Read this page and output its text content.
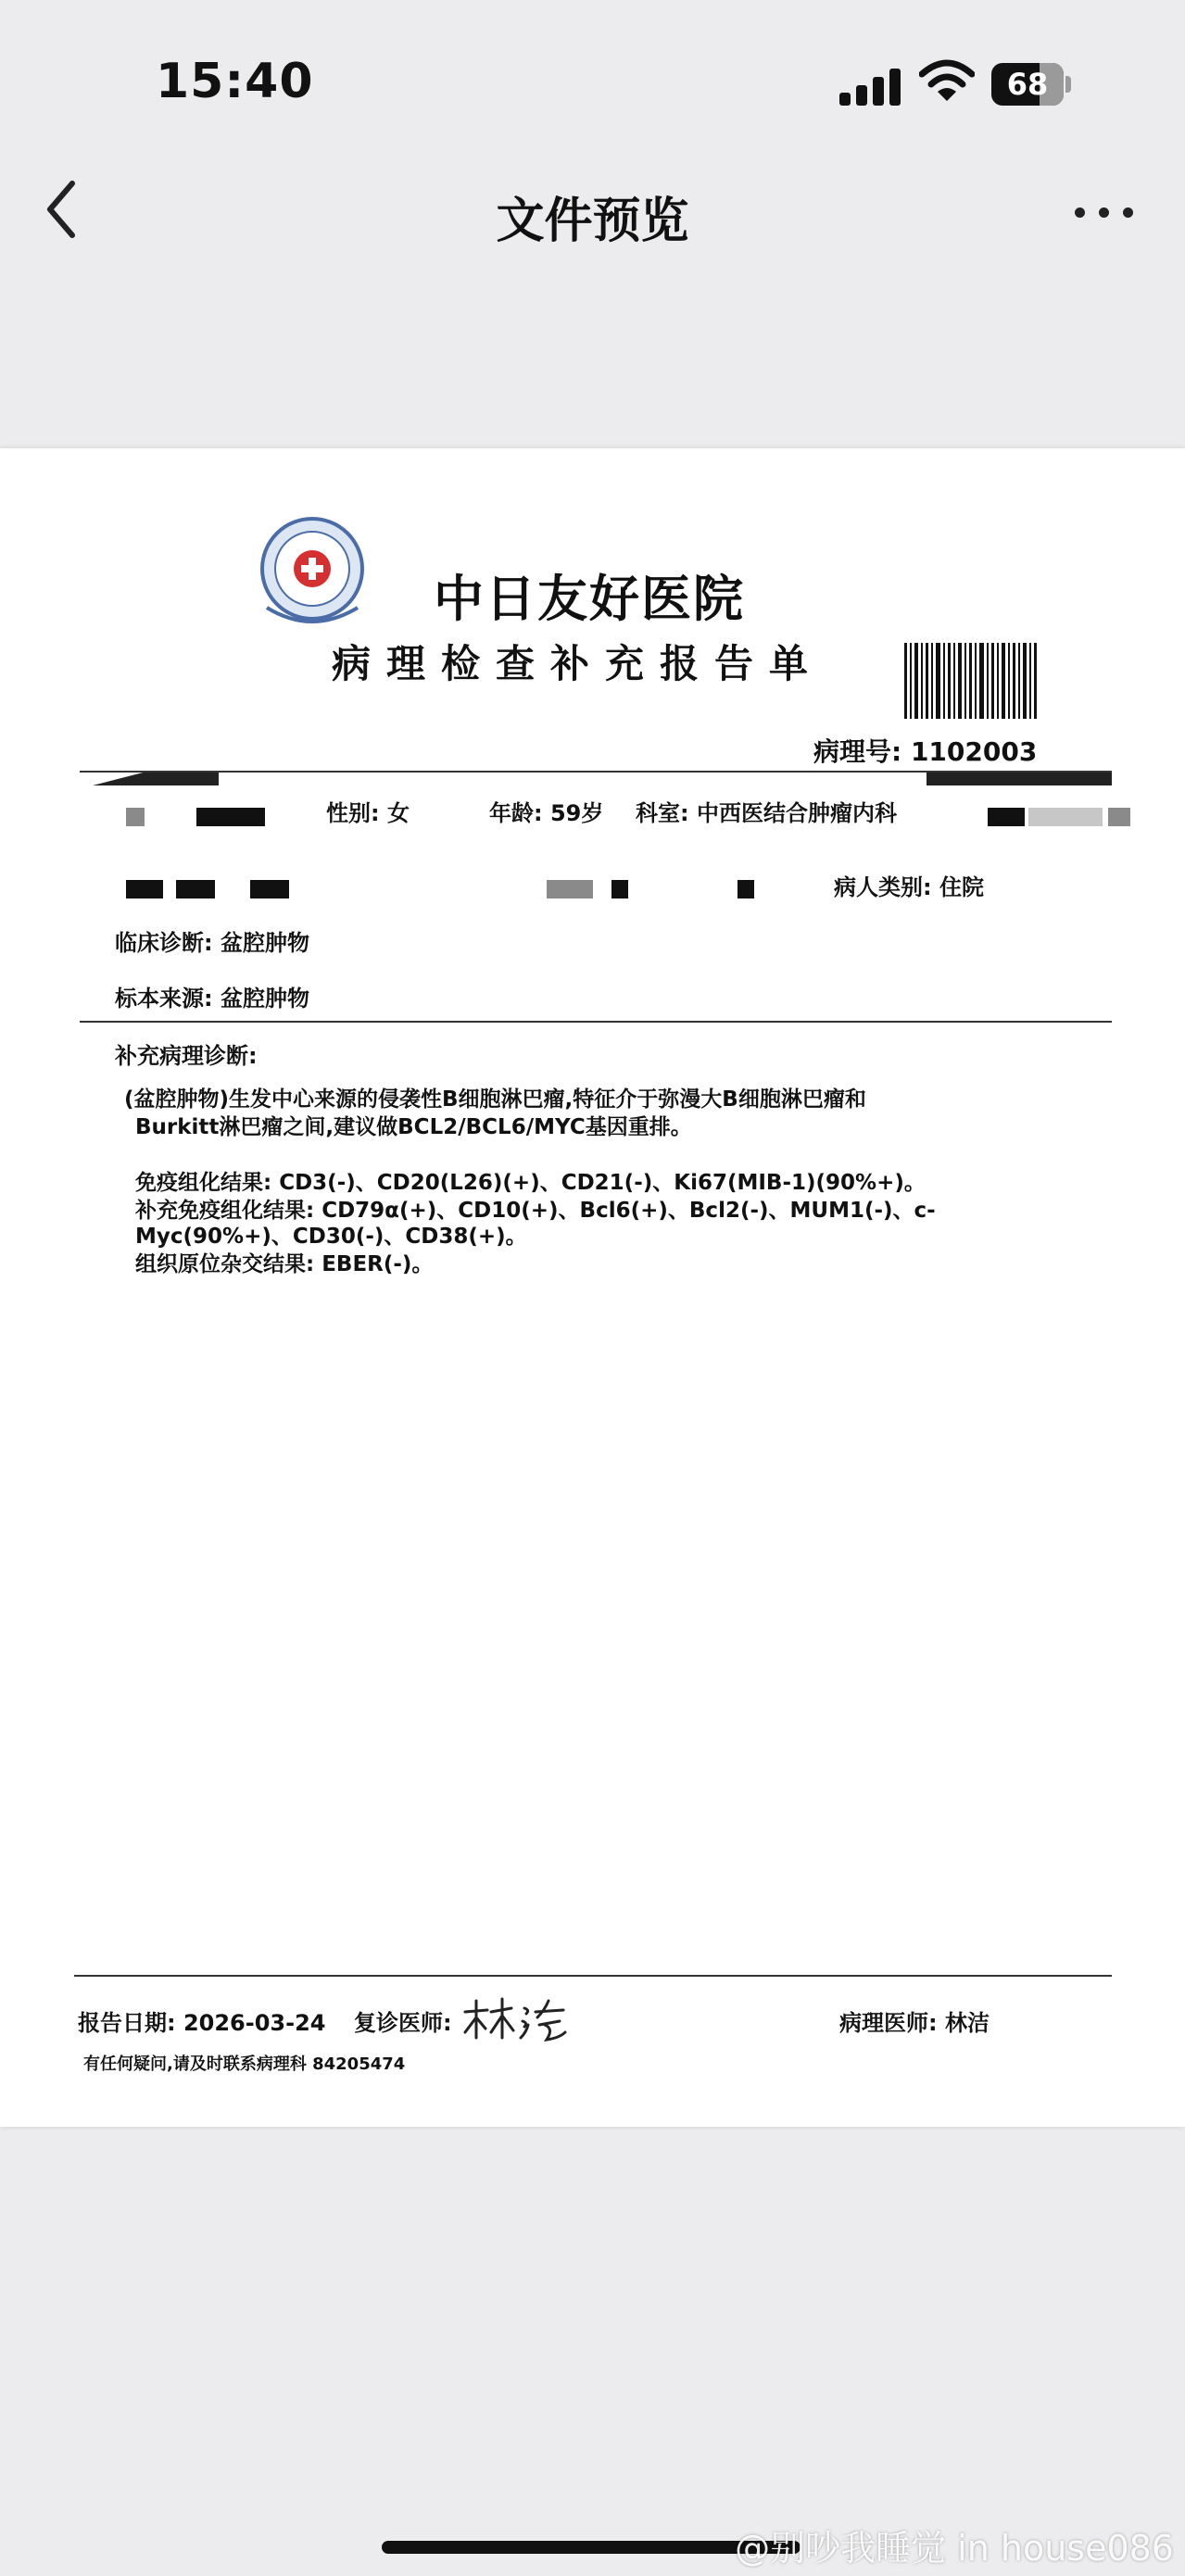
15:40	68
文件预览
中日友好医院
病理检查补充报告单
病理号: 1102003
性别: 女	年龄: 59岁 科室: 中西医结合肿瘤内科
病人类别: 住院
临床诊断: 盆腔肿物
标本来源: 盆腔肿物
补充病理诊断:
(盆腔肿物)生发中心来源的侵袭性B细胞淋巴瘤,特征介于弥漫大B细胞淋巴瘤和
Burkitt淋巴瘤之间,建议做BCL2/BCL6/MYC基因重排。
免疫组化结果: CD3(-)、CD20(L26)(+)、CD21(-)、Ki67(MIB-1)(90%+)。
补充免疫组化结果: CD79α(+)、CD10(+)、Bcl6(+)、Bcl2(-)、MUM1(-)、c-
Myc(90%+)、CD30(-)、CD38(+)。
组织原位杂交结果: EBER(-)。
报告日期: 2026-03-24 复诊医师:	病理医师: 林洁
有任何疑问,请及时联系病理科 84205474
@别吵我睡觉 in house086
